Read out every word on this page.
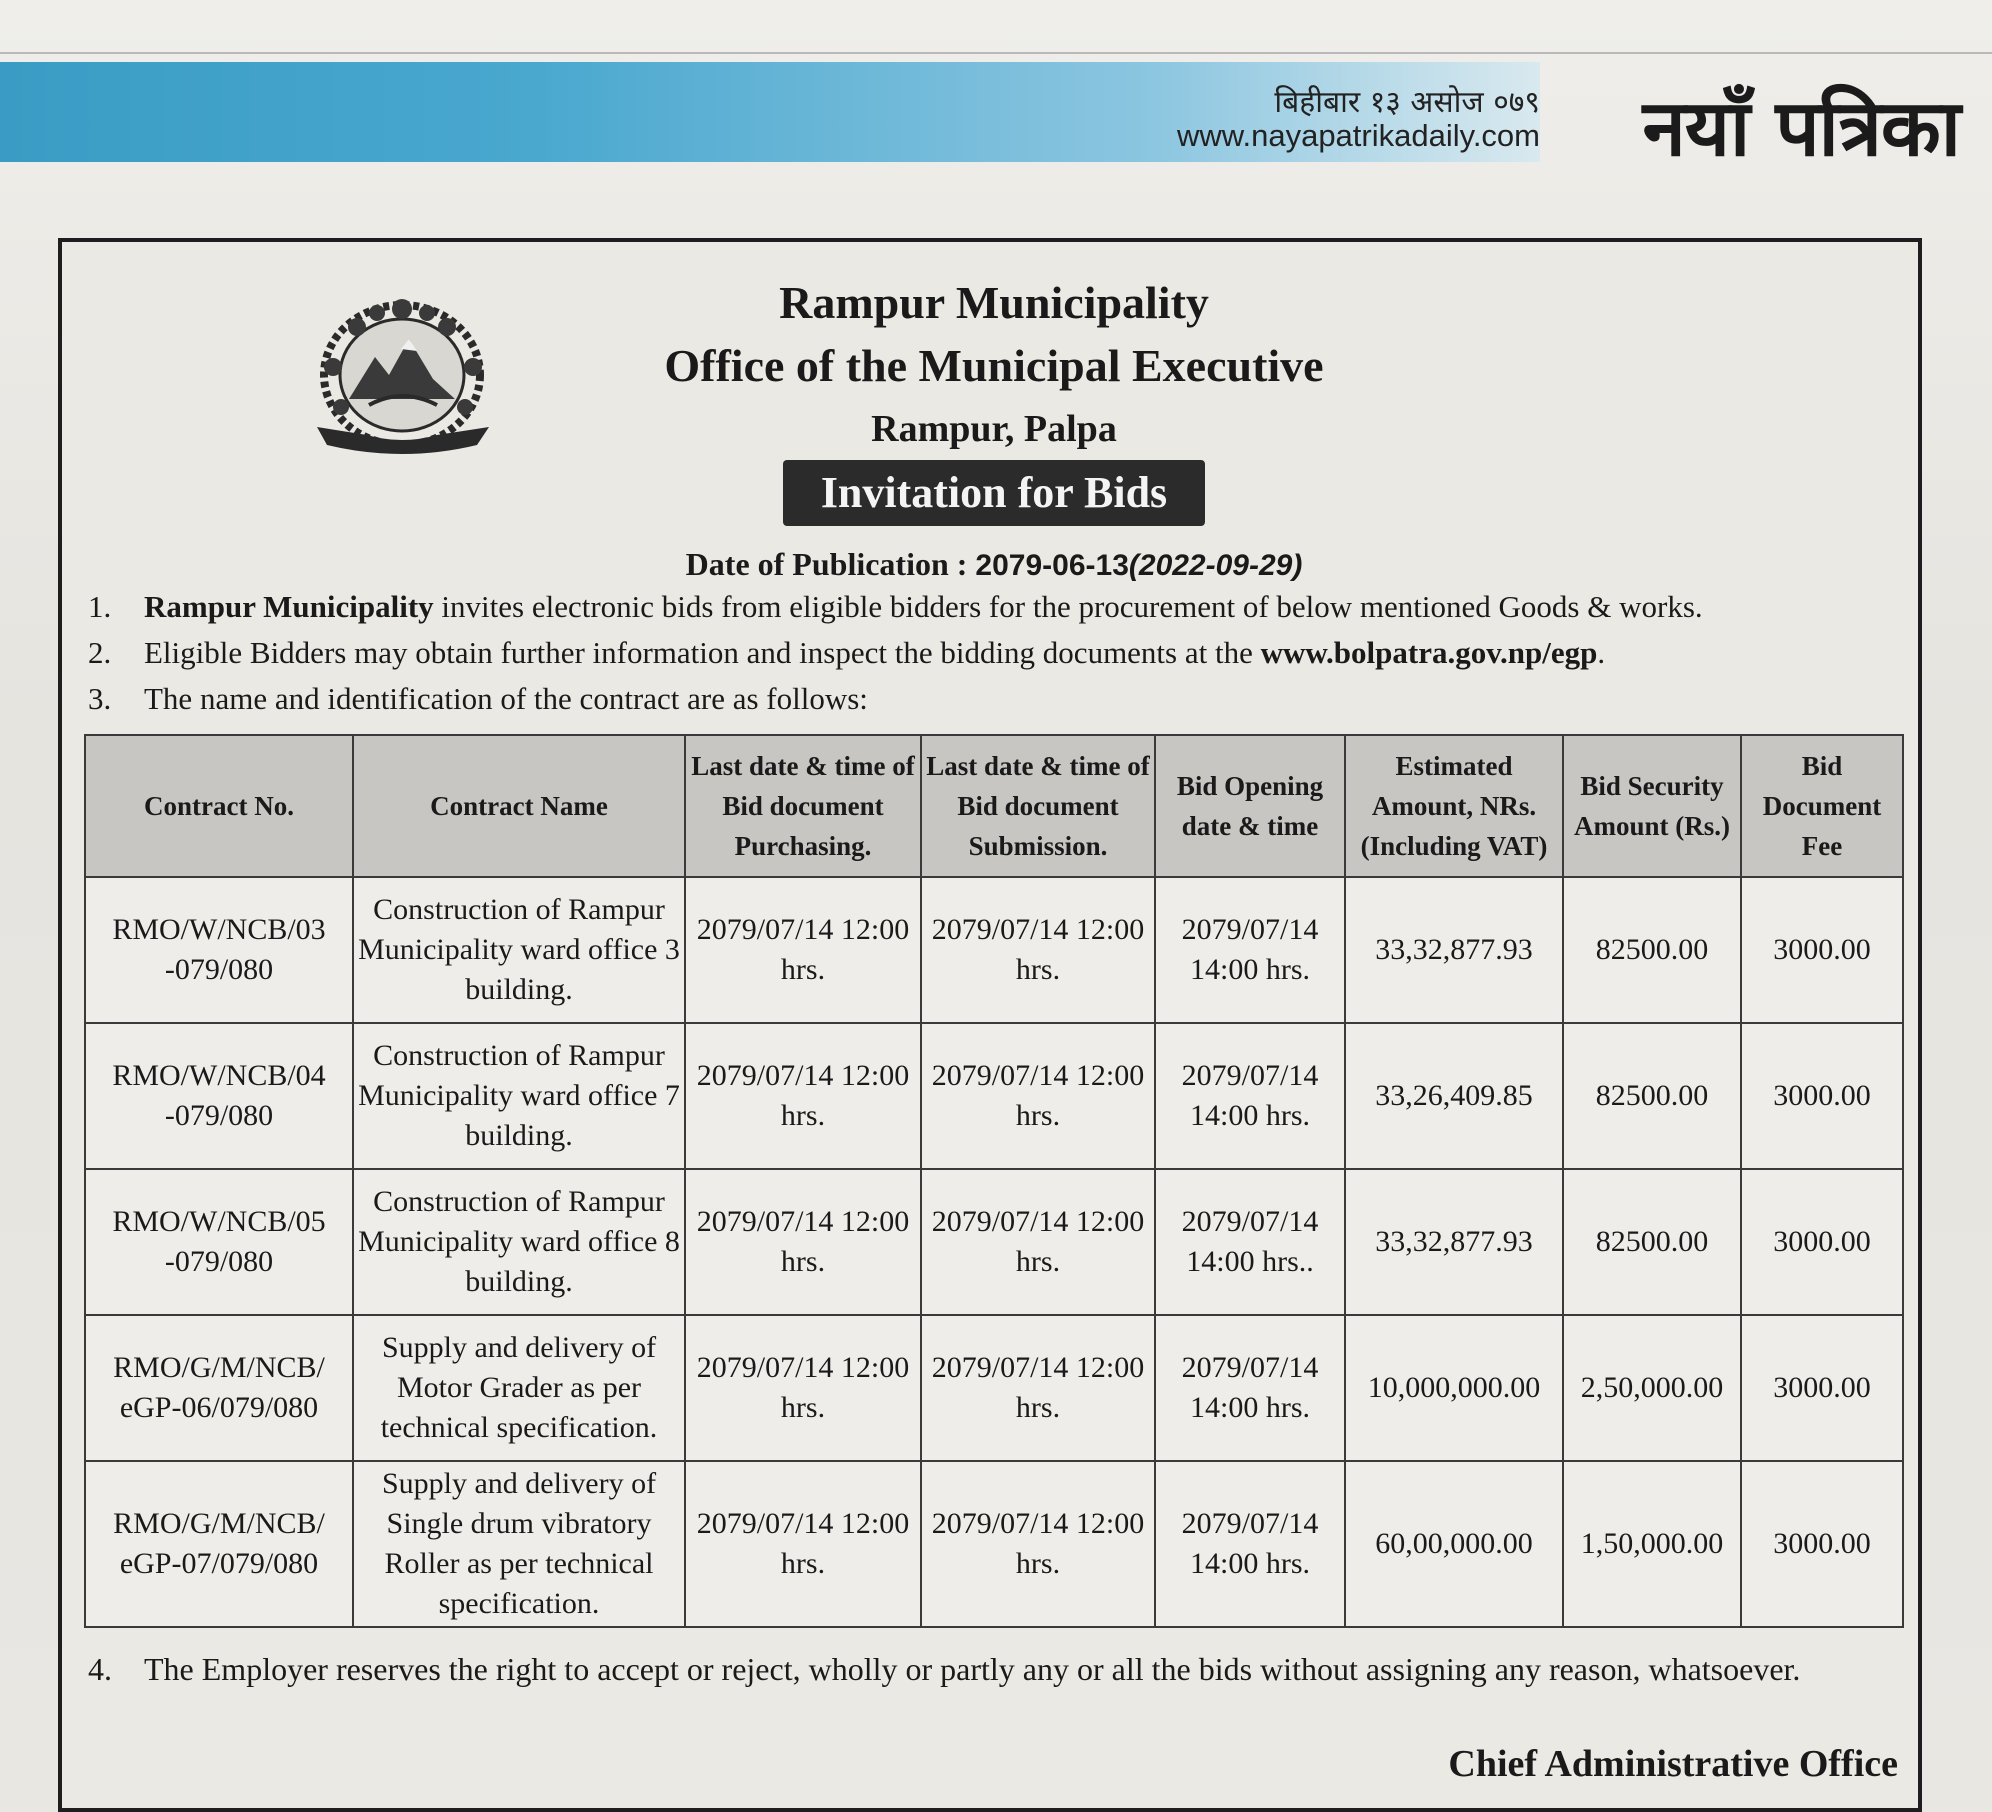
बिहीबार १३ असोज ०७९
www.nayapatrikadaily.com नयाँ पत्रिका
Rampur Municipality
Office of the Municipal Executive
Rampur, Palpa
Invitation for Bids
Date of Publication : 2079-06-13(2022-09-29)
1. Rampur Municipality invites electronic bids from eligible bidders for the procurement of below mentioned Goods & works.
2. Eligible Bidders may obtain further information and inspect the bidding documents at the www.bolpatra.gov.np/egp.
3. The name and identification of the contract are as follows:
Contract No.	Contract Name	Last date & time of Bid document Purchasing.	Last date & time of Bid document Submission.	Bid Opening date & time	Estimated Amount, NRs. (Including VAT)	Bid Security Amount (Rs.)	Bid Document Fee
RMO/W/NCB/03 -079/080	Construction of Rampur Municipality ward office 3 building.	2079/07/14 12:00 hrs.	2079/07/14 12:00 hrs.	2079/07/14 14:00 hrs.	33,32,877.93	82500.00	3000.00
RMO/W/NCB/04 -079/080	Construction of Rampur Municipality ward office 7 building.	2079/07/14 12:00 hrs.	2079/07/14 12:00 hrs.	2079/07/14 14:00 hrs.	33,26,409.85	82500.00	3000.00
RMO/W/NCB/05 -079/080	Construction of Rampur Municipality ward office 8 building.	2079/07/14 12:00 hrs.	2079/07/14 12:00 hrs.	2079/07/14 14:00 hrs..	33,32,877.93	82500.00	3000.00
RMO/G/M/NCB/ eGP-06/079/080	Supply and delivery of Motor Grader as per technical specification.	2079/07/14 12:00 hrs.	2079/07/14 12:00 hrs.	2079/07/14 14:00 hrs.	10,000,000.00	2,50,000.00	3000.00
RMO/G/M/NCB/ eGP-07/079/080	Supply and delivery of Single drum vibratory Roller as per technical specification.	2079/07/14 12:00 hrs.	2079/07/14 12:00 hrs.	2079/07/14 14:00 hrs.	60,00,000.00	1,50,000.00	3000.00
4.	The Employer reserves the right to accept or reject, wholly or partly any or all the bids without assigning any reason, whatsoever.
Chief Administrative Office
